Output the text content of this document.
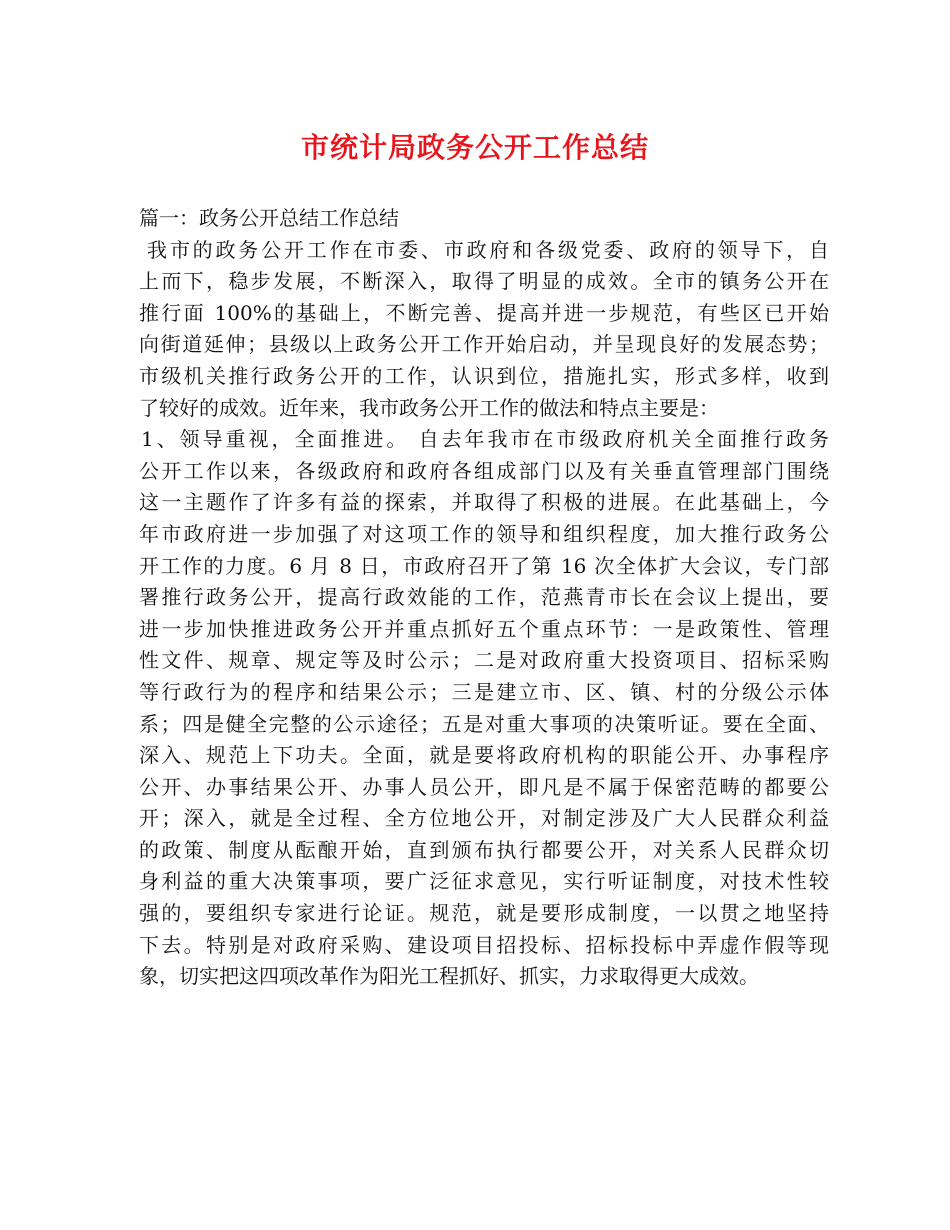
市统计局政务公开工作总结
篇一：政务公开总结工作总结
我市的政务公开工作在市委、市政府和各级党委、政府的领导下，自
上而下，稳步发展，不断深入，取得了明显的成效。全市的镇务公开在
推行面 100%的基础上，不断完善、提高并进一步规范，有些区已开始
向街道延伸；县级以上政务公开工作开始启动，并呈现良好的发展态势；
市级机关推行政务公开的工作，认识到位，措施扎实，形式多样，收到
了较好的成效。近年来，我市政务公开工作的做法和特点主要是：
1、领导重视，全面推进。 自去年我市在市级政府机关全面推行政务
公开工作以来，各级政府和政府各组成部门以及有关垂直管理部门围绕
这一主题作了许多有益的探索，并取得了积极的进展。在此基础上，今
年市政府进一步加强了对这项工作的领导和组织程度，加大推行政务公
开工作的力度。6 月 8 日，市政府召开了第 16 次全体扩大会议，专门部
署推行政务公开，提高行政效能的工作，范燕青市长在会议上提出，要
进一步加快推进政务公开并重点抓好五个重点环节：一是政策性、管理
性文件、规章、规定等及时公示；二是对政府重大投资项目、招标采购
等行政行为的程序和结果公示；三是建立市、区、镇、村的分级公示体
系；四是健全完整的公示途径；五是对重大事项的决策听证。要在全面、
深入、规范上下功夫。全面，就是要将政府机构的职能公开、办事程序
公开、办事结果公开、办事人员公开，即凡是不属于保密范畴的都要公
开；深入，就是全过程、全方位地公开，对制定涉及广大人民群众利益
的政策、制度从酝酿开始，直到颁布执行都要公开，对关系人民群众切
身利益的重大决策事项，要广泛征求意见，实行听证制度，对技术性较
强的，要组织专家进行论证。规范，就是要形成制度，一以贯之地坚持
下去。特别是对政府采购、建设项目招投标、招标投标中弄虚作假等现
象，切实把这四项改革作为阳光工程抓好、抓实，力求取得更大成效。
